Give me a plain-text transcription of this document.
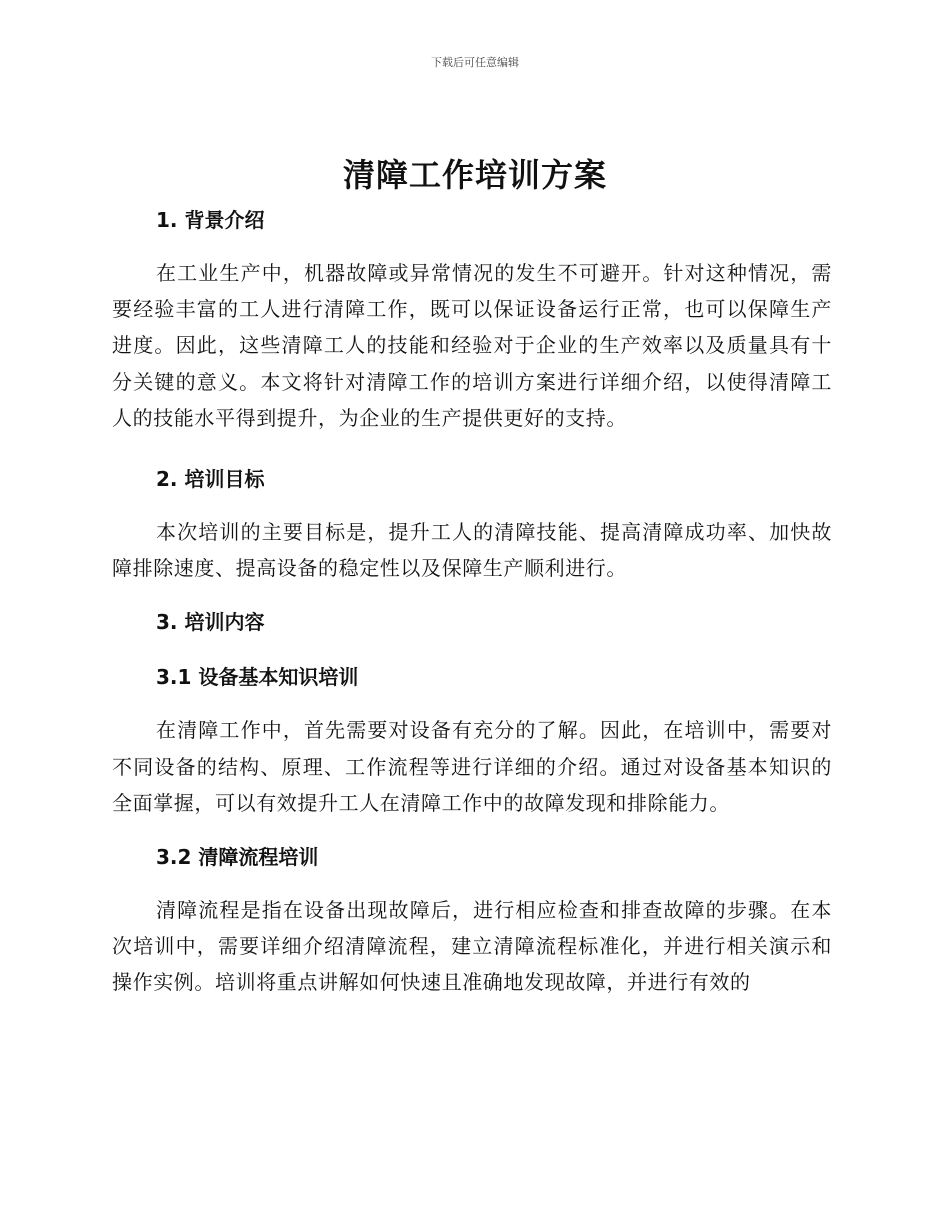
下载后可任意编辑
清障工作培训方案
1. 背景介绍

在工业生产中，机器故障或异常情况的发生不可避开。针对这种情况，需要经验丰富的工人进行清障工作，既可以保证设备运行正常，也可以保障生产进度。因此，这些清障工人的技能和经验对于企业的生产效率以及质量具有十分关键的意义。本文将针对清障工作的培训方案进行详细介绍，以使得清障工人的技能水平得到提升，为企业的生产提供更好的支持。

2. 培训目标

本次培训的主要目标是，提升工人的清障技能、提高清障成功率、加快故障排除速度、提高设备的稳定性以及保障生产顺利进行。

3. 培训内容
3.1 设备基本知识培训

在清障工作中，首先需要对设备有充分的了解。因此，在培训中，需要对不同设备的结构、原理、工作流程等进行详细的介绍。通过对设备基本知识的全面掌握，可以有效提升工人在清障工作中的故障发现和排除能力。

3.2 清障流程培训

清障流程是指在设备出现故障后，进行相应检查和排查故障的步骤。在本次培训中，需要详细介绍清障流程，建立清障流程标准化，并进行相关演示和操作实例。培训将重点讲解如何快速且准确地发现故障，并进行有效的
